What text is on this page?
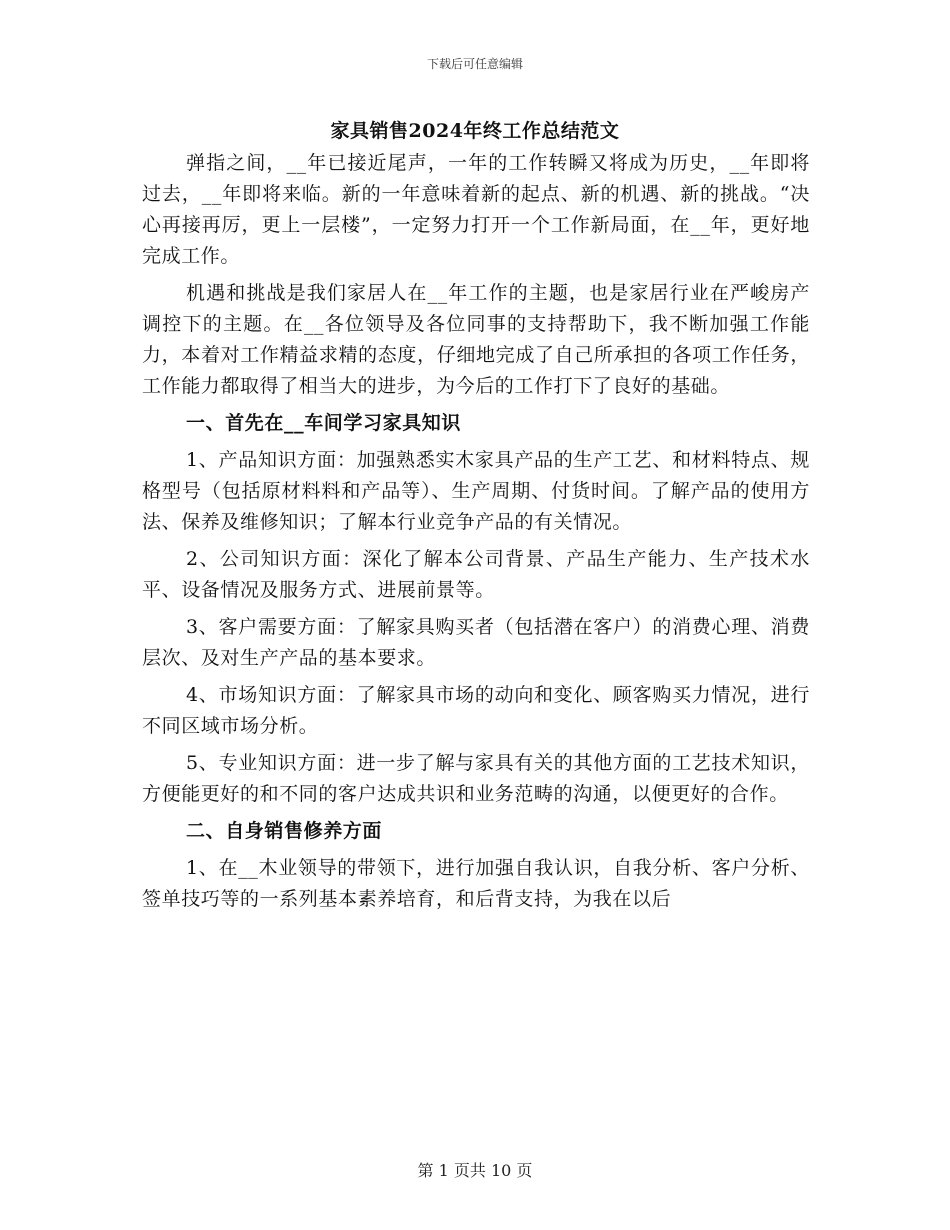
下载后可任意编辑
家具销售2024年终工作总结范文

弹指之间，__年已接近尾声，一年的工作转瞬又将成为历史，__年即将过去，__年即将来临。新的一年意味着新的起点、新的机遇、新的挑战。“决心再接再厉，更上一层楼”，一定努力打开一个工作新局面，在__年，更好地完成工作。

机遇和挑战是我们家居人在__年工作的主题，也是家居行业在严峻房产调控下的主题。在__各位领导及各位同事的支持帮助下，我不断加强工作能力，本着对工作精益求精的态度，仔细地完成了自己所承担的各项工作任务，工作能力都取得了相当大的进步，为今后的工作打下了良好的基础。

一、首先在__车间学习家具知识

1、产品知识方面：加强熟悉实木家具产品的生产工艺、和材料特点、规格型号（包括原材料料和产品等）、生产周期、付货时间。了解产品的使用方法、保养及维修知识；了解本行业竞争产品的有关情况。

2、公司知识方面：深化了解本公司背景、产品生产能力、生产技术水平、设备情况及服务方式、进展前景等。

3、客户需要方面：了解家具购买者（包括潜在客户）的消费心理、消费层次、及对生产产品的基本要求。

4、市场知识方面：了解家具市场的动向和变化、顾客购买力情况，进行不同区域市场分析。

5、专业知识方面：进一步了解与家具有关的其他方面的工艺技术知识，方便能更好的和不同的客户达成共识和业务范畴的沟通，以便更好的合作。

二、自身销售修养方面

1、在__木业领导的带领下，进行加强自我认识，自我分析、客户分析、签单技巧等的一系列基本素养培育，和后背支持，为我在以后

第 1 页共 10 页
